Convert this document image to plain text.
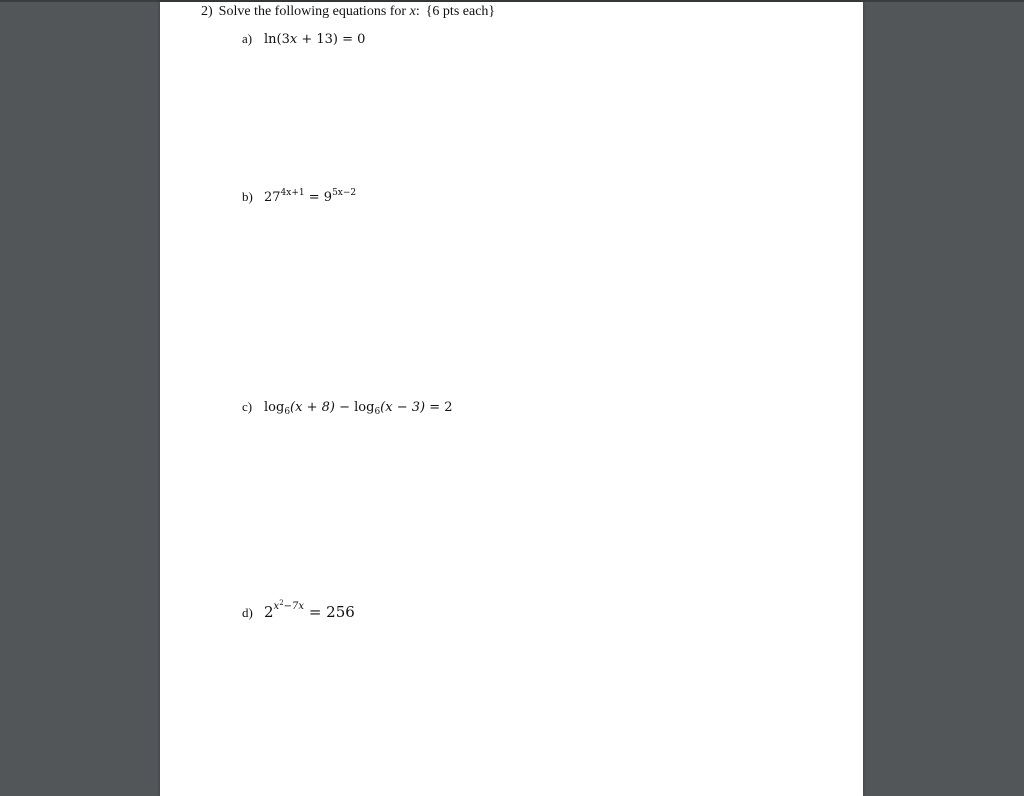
2) Solve the following equations for x: {6 pts each}
a) ln(3x + 13) = 0
b) $27^{4x+1} = 9^{5x-2}$
c) $\log_6(x + 8) - \log_6(x - 3) = 2$
d) $2^{x^2-7x} = 256$
